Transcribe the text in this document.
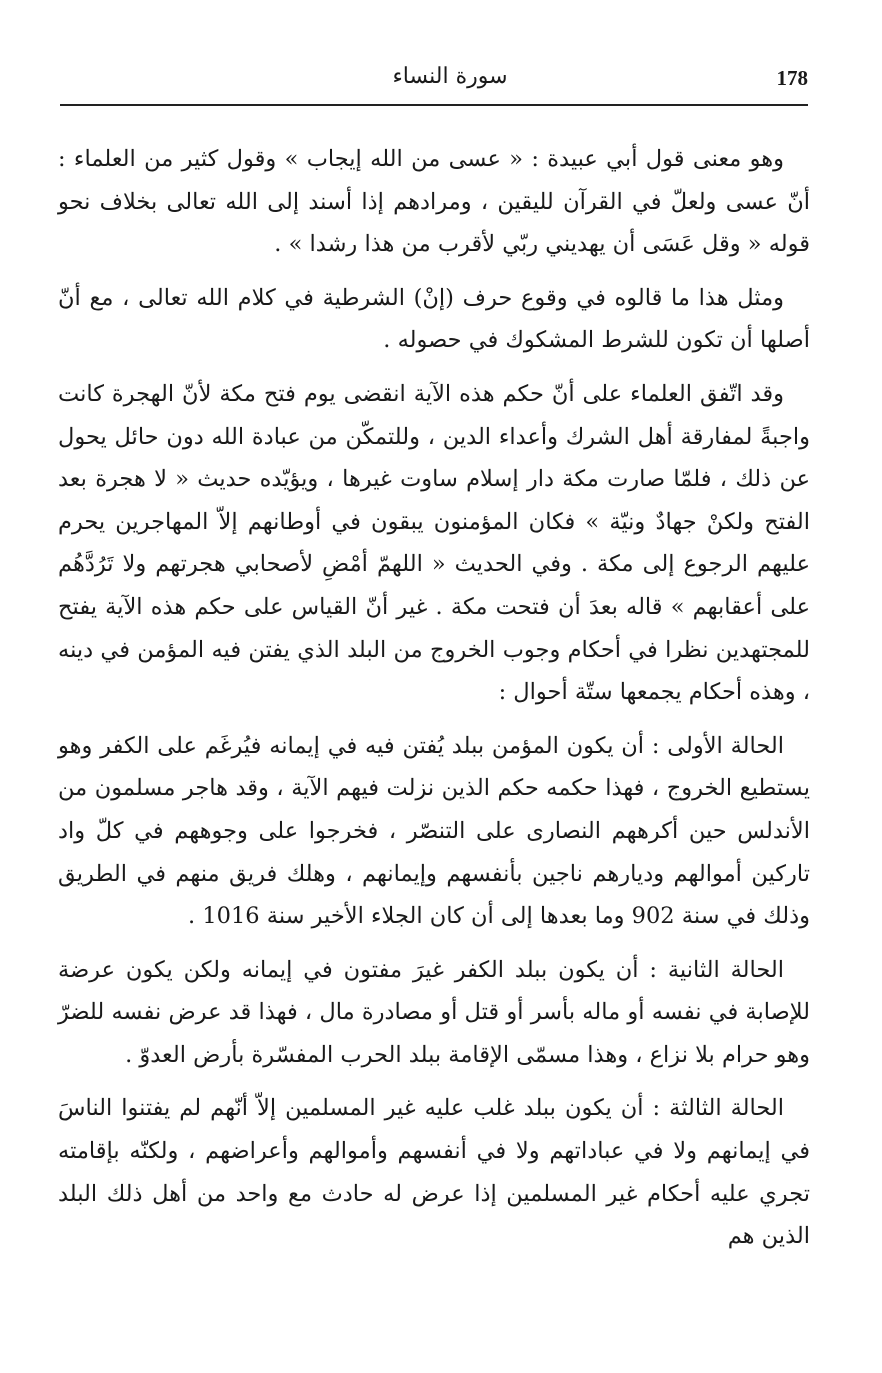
178
سورة النساء

وهو معنى قول أبي عبيدة : « عسى من الله إيجاب » وقول كثير من العلماء : أنّ عسى ولعلّ في القرآن لليقين ، ومرادهم إذا أسند إلى الله تعالى بخلاف نحو قوله « وقل عَسَى أن يهديني ربّي لأقرب من هذا رشدا » .

ومثل هذا ما قالوه في وقوع حرف (إنْ) الشرطية في كلام الله تعالى ، مع أنّ أصلها أن تكون للشرط المشكوك في حصوله .

وقد اتّفق العلماء على أنّ حكم هذه الآية انقضى يوم فتح مكة لأنّ الهجرة كانت واجبةً لمفارقة أهل الشرك وأعداء الدين ، وللتمكّن من عبادة الله دون حائل يحول عن ذلك ، فلمّا صارت مكة دار إسلام ساوت غيرها ، ويؤيّده حديث « لا هجرة بعد الفتح ولكنْ جهادٌ ونيّة » فكان المؤمنون يبقون في أوطانهم إلاّ المهاجرين يحرم عليهم الرجوع إلى مكة . وفي الحديث « اللهمّ أمْضِ لأصحابي هجرتهم ولا تَرُدَّهُم على أعقابهم » قاله بعدَ أن فتحت مكة . غير أنّ القياس على حكم هذه الآية يفتح للمجتهدين نظرا في أحكام وجوب الخروج من البلد الذي يفتن فيه المؤمن في دينه ، وهذه أحكام يجمعها ستّة أحوال :

الحالة الأولى : أن يكون المؤمن ببلد يُفتن فيه في إيمانه فيُرغَم على الكفر وهو يستطيع الخروج ، فهذا حكمه حكم الذين نزلت فيهم الآية ، وقد هاجر مسلمون من الأندلس حين أكرههم النصارى على التنصّر ، فخرجوا على وجوههم في كلّ واد تاركين أموالهم وديارهم ناجين بأنفسهم وإيمانهم ، وهلك فريق منهم في الطريق وذلك في سنة 902 وما بعدها إلى أن كان الجلاء الأخير سنة 1016 .

الحالة الثانية : أن يكون ببلد الكفر غيرَ مفتون في إيمانه ولكن يكون عرضة للإصابة في نفسه أو ماله بأسر أو قتل أو مصادرة مال ، فهذا قد عرض نفسه للضرّ وهو حرام بلا نزاع ، وهذا مسمّى الإقامة ببلد الحرب المفسّرة بأرض العدوّ .

الحالة الثالثة : أن يكون ببلد غلب عليه غير المسلمين إلاّ أنّهم لم يفتنوا الناسَ في إيمانهم ولا في عباداتهم ولا في أنفسهم وأموالهم وأعراضهم ، ولكنّه بإقامته تجري عليه أحكام غير المسلمين إذا عرض له حادث مع واحد من أهل ذلك البلد الذين هم
